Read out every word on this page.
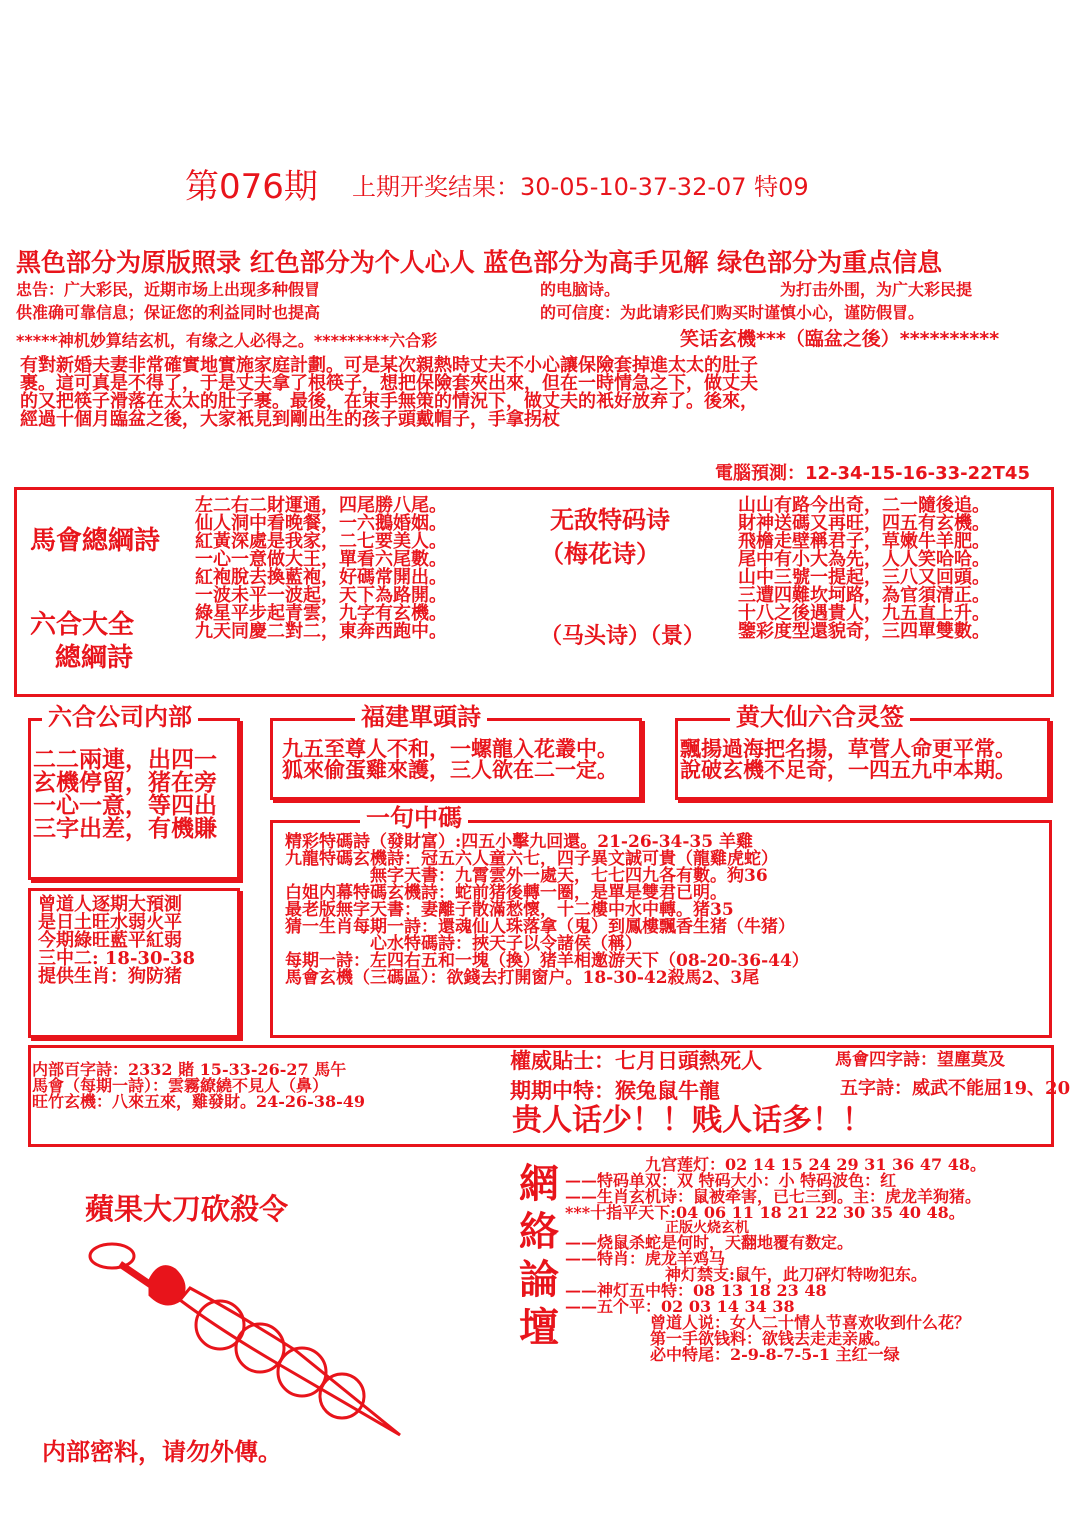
第076期 上期开奖结果：30-05-10-37-32-07 特09
黑色部分为原版照录 红色部分为个人心人 蓝色部分为高手见解 绿色部分为重点信息
忠告：广大彩民，近期市场上出现多种假冒
供准确可靠信息；保证您的利益同时也提高
的电脑诗。	为打击外围，为广大彩民提
的可信度：为此请彩民们购买时谨慎小心，谨防假冒。
*****神机妙算结玄机，有缘之人必得之。*********六合彩	笑话玄機***（臨盆之後）**********
有對新婚夫妻非常確實地實施家庭計劃。可是某次親熱時丈夫不小心讓保險套掉進太太的肚子
裹。這可真是不得了，于是丈夫拿了根筷子，想把保險套夾出來，但在一時情急之下，做丈夫
的又把筷子滑落在太太的肚子裹。最後，在束手無策的情況下，做丈夫的衹好放弃了。後來，
經過十個月臨盆之後，大家衹見到剛出生的孩子頭戴帽子，手拿拐杖
電腦預測：12-34-15-16-33-22T45
馬會總綱詩
六合大全
總綱詩
左二右二財運通，四尾勝八尾。
仙人洞中看晚餐，一六鵝婚姻。
紅黃深處是我家，二七要美人。
一心一意做大王，單看六尾數。
紅袍脫去換藍袍，好碼常開出。
一波未平一波起，天下為路開。
綠星平步起青雲，九字有玄機。
九天同慶二對二，東奔西跑中。
无敌特码诗
（梅花诗）
（马头诗）（景）
山山有路今出奇，二一隨後追。
財神送碼又再旺，四五有玄機。
飛檐走壁稱君子，草嫩牛羊肥。
尾中有小大為先，人人笑哈哈。
山中三號一提起，三八又回頭。
三遭四難坎坷路，為官須清正。
十八之後遇貴人，九五直上升。
鑒彩度型還貌奇，三四單雙數。
六合公司内部
二二兩連，出四一
玄機停留，猪在旁
一心一意，等四出
三字出差，有機賺
福建單頭詩
九五至尊人不和，一螺龍入花叢中。
狐來偷蛋雞來護，三人欲在二一定。
黄大仙六合灵签
飄揚過海把名揚，草菅人命更平常。
說破玄機不足奇，一四五九中本期。
曾道人逐期大預測
是日土旺水弱火平
今期綠旺藍平紅弱
三中二: 18-30-38
提供生肖：狗防猪
一句中碼
精彩特碼詩（發財富）:四五小擊九回還。21-26-34-35 羊雞
九龍特碼玄機詩：冠五六人童六七，四子異文誠可貴（龍雞虎蛇）
無字天書：九霄雲外一處天，七七四九各有數。狗36
白姐内幕特碼玄機詩：蛇前猪後轉一圈，是單是雙君已明。
最老版無字天書：妻離子散滿愁懷，十二樓中水中轉。猪35
猜一生肖每期一詩：還魂仙人珠落拿（鬼）到鳳樓飄香生猪（牛猪）
心水特碼詩：挾天子以令諸侯（稱）
每期一詩：左四右五和一塊（換）猪羊相邀游天下（08-20-36-44）
馬會玄機（三碼區）：欲錢去打開窗户。18-30-42殺馬2、3尾
内部百字詩：2332 賭 15-33-26-27 馬午
馬會（每期一詩）：雲霧繚繞不見人（鼻）
旺竹玄機：八來五來，雞發財。24-26-38-49
權威貼士：七月日頭熱死人	馬會四字詩：望塵莫及
期期中特：猴兔鼠牛龍	五字詩：威武不能屈19、20
贵人话少！！贱人话多！！
蘋果大刀砍殺令
内部密料，请勿外傳。
網
絡
論
壇
九宫莲灯：02 14 15 24 29 31 36 47 48。
——特码单双：双 特码大小：小 特码波色：红
——生肖玄机诗：鼠被牵害，已七三到。主：虎龙羊狗猪。
***十指平天下:04 06 11 18 21 22 30 35 40 48。
正版火烧玄机
——烧鼠杀蛇是何时，天翻地覆有数定。
——特肖：虎龙羊鸡马
神灯禁支:鼠午，此刀砰灯特吻犯东。
——神灯五中特：08 13 18 23 48
——五个平：02 03 14 34 38
曾道人说：女人二十情人节喜欢收到什么花？
第一手欲钱料：欲钱去走走亲戚。
必中特尾：2-9-8-7-5-1 主红一绿
